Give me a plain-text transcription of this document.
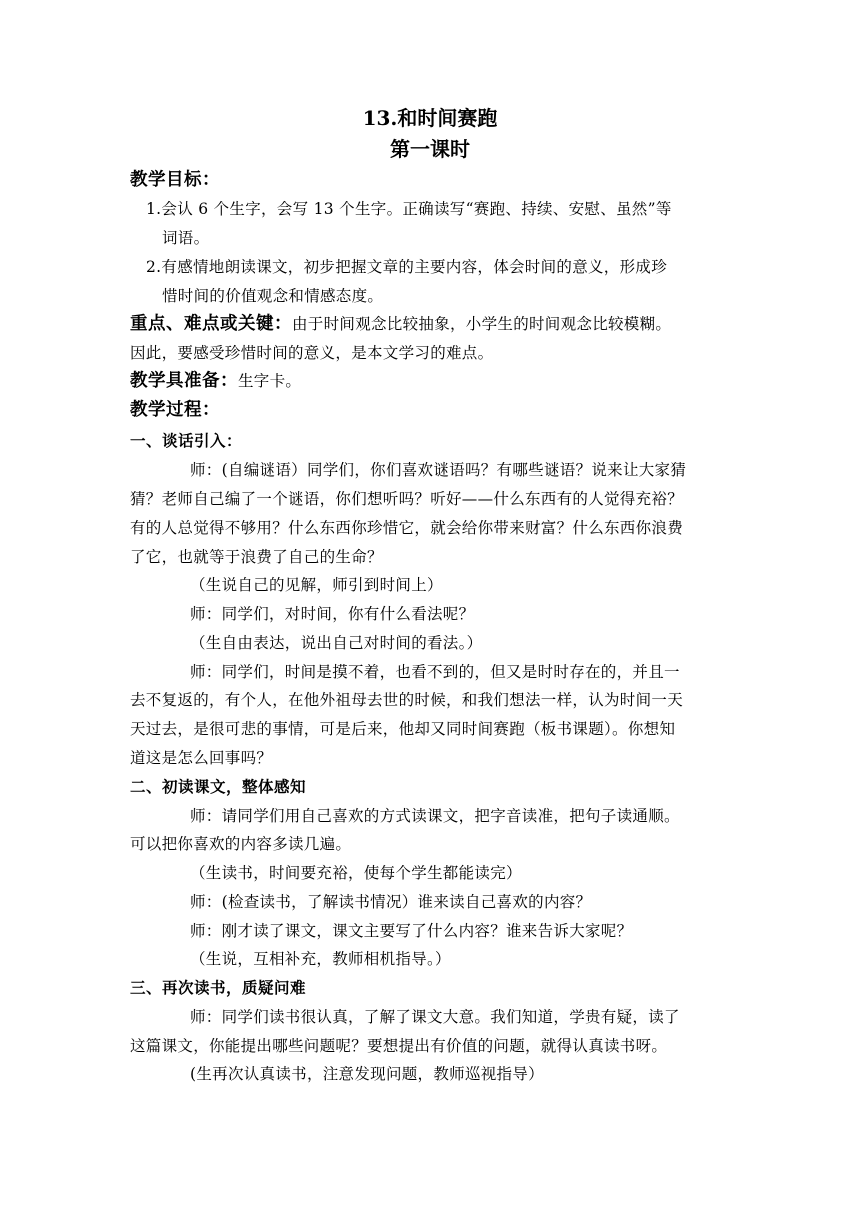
13.和时间赛跑
第一课时
教学目标：
1.会认 6 个生字，会写 13 个生字。正确读写“赛跑、持续、安慰、虽然”等
词语。
2.有感情地朗读课文，初步把握文章的主要内容，体会时间的意义，形成珍
惜时间的价值观念和情感态度。
重点、难点或关键：由于时间观念比较抽象，小学生的时间观念比较模糊。
因此，要感受珍惜时间的意义，是本文学习的难点。
教学具准备：生字卡。
教学过程：
一、谈话引入：
师：(自编谜语）同学们，你们喜欢谜语吗？有哪些谜语？说来让大家猜
猜？老师自己编了一个谜语，你们想听吗？听好——什么东西有的人觉得充裕？
有的人总觉得不够用？什么东西你珍惜它，就会给你带来财富？什么东西你浪费
了它，也就等于浪费了自己的生命？
（生说自己的见解，师引到时间上）
师：同学们，对时间，你有什么看法呢？
（生自由表达，说出自己对时间的看法。）
师：同学们，时间是摸不着，也看不到的，但又是时时存在的，并且一
去不复返的，有个人，在他外祖母去世的时候，和我们想法一样，认为时间一天
天过去，是很可悲的事情，可是后来，他却又同时间赛跑（板书课题）。你想知
道这是怎么回事吗？
二、初读课文，整体感知
师：请同学们用自己喜欢的方式读课文，把字音读准，把句子读通顺。
可以把你喜欢的内容多读几遍。
（生读书，时间要充裕，使每个学生都能读完）
师：(检查读书，了解读书情况）谁来读自己喜欢的内容？
师：刚才读了课文，课文主要写了什么内容？谁来告诉大家呢？
（生说，互相补充，教师相机指导。）
三、再次读书，质疑问难
师：同学们读书很认真，了解了课文大意。我们知道，学贵有疑，读了
这篇课文，你能提出哪些问题呢？要想提出有价值的问题，就得认真读书呀。
(生再次认真读书，注意发现问题，教师巡视指导）
